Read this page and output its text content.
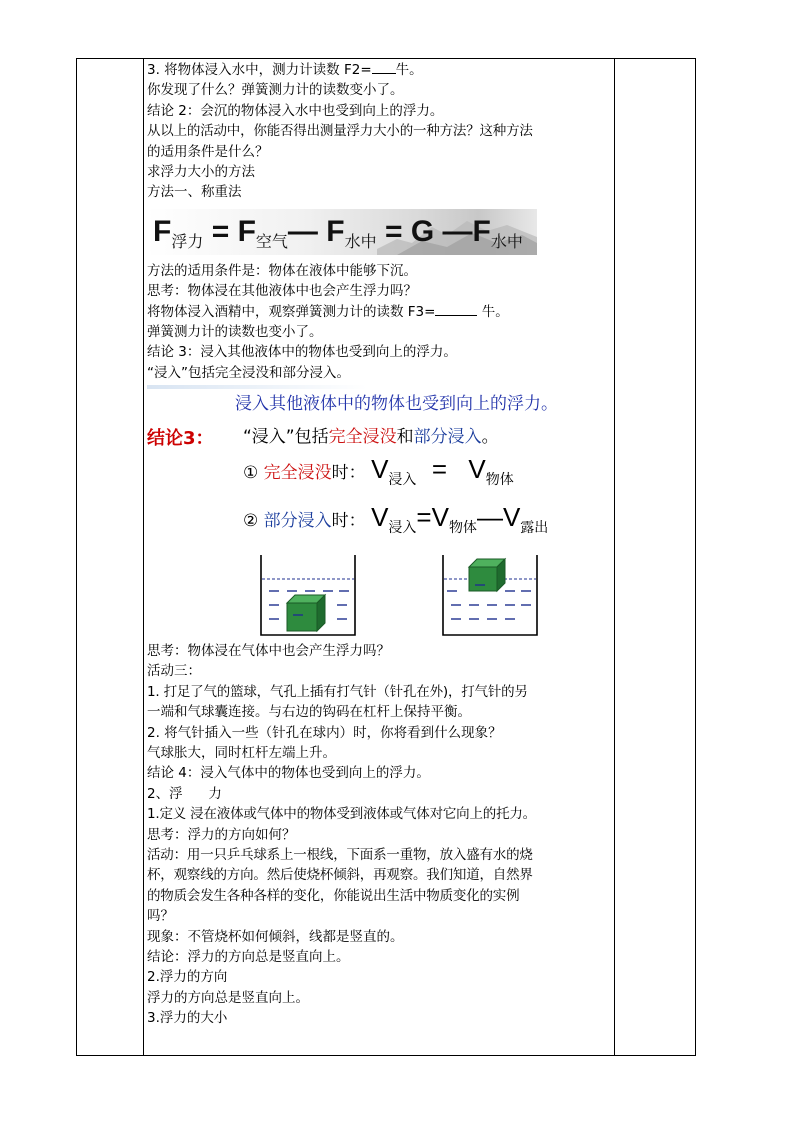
3. 将物体浸入水中，测力计读数 F2= 牛。
你发现了什么？弹簧测力计的读数变小了。
结论 2：会沉的物体浸入水中也受到向上的浮力。
从以上的活动中，你能否得出测量浮力大小的一种方法？这种方法
的适用条件是什么？
求浮力大小的方法
方法一、称重法
$F_{浮力}$ = $F_{空气}—$ $F_{水中} = G$ $—F_{水中}$
方法的适用条件是：物体在液体中能够下沉。
思考：物体浸在其他液体中也会产生浮力吗？
将物体浸入酒精中，观察弹簧测力计的读数 F3=	牛。
弹簧测力计的读数也变小了。
结论 3：浸入其他液体中的物体也受到向上的浮力。
“浸入”包括完全浸没和部分浸入。
浸入其他液体中的物体也受到向上的浮力。
结论3： “浸入”包括完全浸没和部分浸入。
① 完全浸没时： $V_{浸入} = V_{物体}$
② 部分浸入时： $V_{浸入}=V_{物体}—V_{露出}$
思考：物体浸在气体中也会产生浮力吗？
活动三：
1. 打足了气的篮球，气孔上插有打气针（针孔在外)，打气针的另
一端和气球囊连接。与右边的钩码在杠杆上保持平衡。
2. 将气针插入一些（针孔在球内）时，你将看到什么现象？
气球胀大，同时杠杆左端上升。
结论 4：浸入气体中的物体也受到向上的浮力。
2、浮      力
1.定义 浸在液体或气体中的物体受到液体或气体对它向上的托力。
思考：浮力的方向如何？
活动：用一只乒乓球系上一根线，下面系一重物，放入盛有水的烧
杯，观察线的方向。然后使烧杯倾斜，再观察。我们知道，自然界
的物质会发生各种各样的变化，你能说出生活中物质变化的实例
吗？
现象：不管烧杯如何倾斜，线都是竖直的。
结论：浮力的方向总是竖直向上。
2.浮力的方向
浮力的方向总是竖直向上。
3.浮力的大小
